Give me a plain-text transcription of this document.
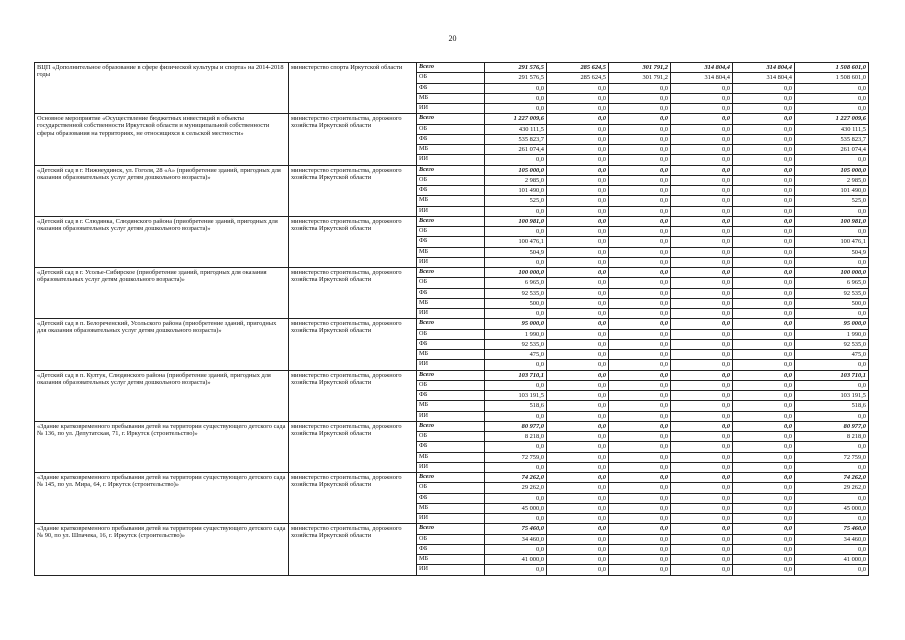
20
ВЦП «Дополнительное образование в сфере физической культуры и спорта» на 2014-2018 годы	министерство спорта Иркутской области	Всего	291 576,5	285 624,5	301 791,2	314 804,4	314 804,4	1 508 601,0
		ОБ	291 576,5	285 624,5	301 791,2	314 804,4	314 804,4	1 508 601,0
		ФБ	0,0	0,0	0,0	0,0	0,0	0,0
		МБ	0,0	0,0	0,0	0,0	0,0	0,0
		ИИ	0,0	0,0	0,0	0,0	0,0	0,0
Основное мероприятие «Осуществление бюджетных инвестиций в объекты государственной собственности Иркутской области и муниципальной собственности сферы образования на территориях, не относящихся к сельской местности»	министерство строительства, дорожного хозяйства Иркутской области	Всего	1 227 009,6	0,0	0,0	0,0	0,0	1 227 009,6
		ОБ	430 111,5	0,0	0,0	0,0	0,0	430 111,5
		ФБ	535 823,7	0,0	0,0	0,0	0,0	535 823,7
		МБ	261 074,4	0,0	0,0	0,0	0,0	261 074,4
		ИИ	0,0	0,0	0,0	0,0	0,0	0,0
«Детский сад в г. Нижнеудинск, ул. Гоголя, 28 «А» (приобретение зданий, пригодных для оказания образовательных услуг детям дошкольного возраста)»	министерство строительства, дорожного хозяйства Иркутской области	Всего	105 000,0	0,0	0,0	0,0	0,0	105 000,0
		ОБ	2 985,0	0,0	0,0	0,0	0,0	2 985,0
		ФБ	101 490,0	0,0	0,0	0,0	0,0	101 490,0
		МБ	525,0	0,0	0,0	0,0	0,0	525,0
		ИИ	0,0	0,0	0,0	0,0	0,0	0,0
«Детский сад в г. Слюдянка, Слюдянского района (приобретение зданий, пригодных для оказания образовательных услуг детям дошкольного возраста)»	министерство строительства, дорожного хозяйства Иркутской области	Всего	100 981,0	0,0	0,0	0,0	0,0	100 981,0
		ОБ	0,0	0,0	0,0	0,0	0,0	0,0
		ФБ	100 476,1	0,0	0,0	0,0	0,0	100 476,1
		МБ	504,9	0,0	0,0	0,0	0,0	504,9
		ИИ	0,0	0,0	0,0	0,0	0,0	0,0
«Детский сад в г. Усолье-Сибирское (приобретение зданий, пригодных для оказания образовательных услуг детям дошкольного возраста)»	министерство строительства, дорожного хозяйства Иркутской области	Всего	100 000,0	0,0	0,0	0,0	0,0	100 000,0
		ОБ	6 965,0	0,0	0,0	0,0	0,0	6 965,0
		ФБ	92 535,0	0,0	0,0	0,0	0,0	92 535,0
		МБ	500,0	0,0	0,0	0,0	0,0	500,0
		ИИ	0,0	0,0	0,0	0,0	0,0	0,0
«Детский сад в п. Белореченский, Усольского района (приобретение зданий, пригодных для оказания образовательных услуг детям дошкольного возраста)»	министерство строительства, дорожного хозяйства Иркутской области	Всего	95 000,0	0,0	0,0	0,0	0,0	95 000,0
		ОБ	1 990,0	0,0	0,0	0,0	0,0	1 990,0
		ФБ	92 535,0	0,0	0,0	0,0	0,0	92 535,0
		МБ	475,0	0,0	0,0	0,0	0,0	475,0
		ИИ	0,0	0,0	0,0	0,0	0,0	0,0
«Детский сад в п. Култук, Слюдянского района (приобретение зданий, пригодных для оказания образовательных услуг детям дошкольного возраста)»	министерство строительства, дорожного хозяйства Иркутской области	Всего	103 710,1	0,0	0,0	0,0	0,0	103 710,1
		ОБ	0,0	0,0	0,0	0,0	0,0	0,0
		ФБ	103 191,5	0,0	0,0	0,0	0,0	103 191,5
		МБ	518,6	0,0	0,0	0,0	0,0	518,6
		ИИ	0,0	0,0	0,0	0,0	0,0	0,0
«Здание кратковременного пребывания детей на территории существующего детского сада № 136, по ул. Депутатская, 71, г. Иркутск (строительство)»	министерство строительства, дорожного хозяйства Иркутской области	Всего	80 977,0	0,0	0,0	0,0	0,0	80 977,0
		ОБ	8 218,0	0,0	0,0	0,0	0,0	8 218,0
		ФБ	0,0	0,0	0,0	0,0	0,0	0,0
		МБ	72 759,0	0,0	0,0	0,0	0,0	72 759,0
		ИИ	0,0	0,0	0,0	0,0	0,0	0,0
«Здание кратковременного пребывания детей на территории существующего детского сада № 145, по ул. Мира, 64, г. Иркутск (строительство)»	министерство строительства, дорожного хозяйства Иркутской области	Всего	74 262,0	0,0	0,0	0,0	0,0	74 262,0
		ОБ	29 262,0	0,0	0,0	0,0	0,0	29 262,0
		ФБ	0,0	0,0	0,0	0,0	0,0	0,0
		МБ	45 000,0	0,0	0,0	0,0	0,0	45 000,0
		ИИ	0,0	0,0	0,0	0,0	0,0	0,0
«Здание кратковременного пребывания детей на территории существующего детского сада № 90, по ул. Шпачека, 16, г. Иркутск (строительство)»	министерство строительства, дорожного хозяйства Иркутской области	Всего	75 460,0	0,0	0,0	0,0	0,0	75 460,0
		ОБ	34 460,0	0,0	0,0	0,0	0,0	34 460,0
		ФБ	0,0	0,0	0,0	0,0	0,0	0,0
		МБ	41 000,0	0,0	0,0	0,0	0,0	41 000,0
		ИИ	0,0	0,0	0,0	0,0	0,0	0,0
